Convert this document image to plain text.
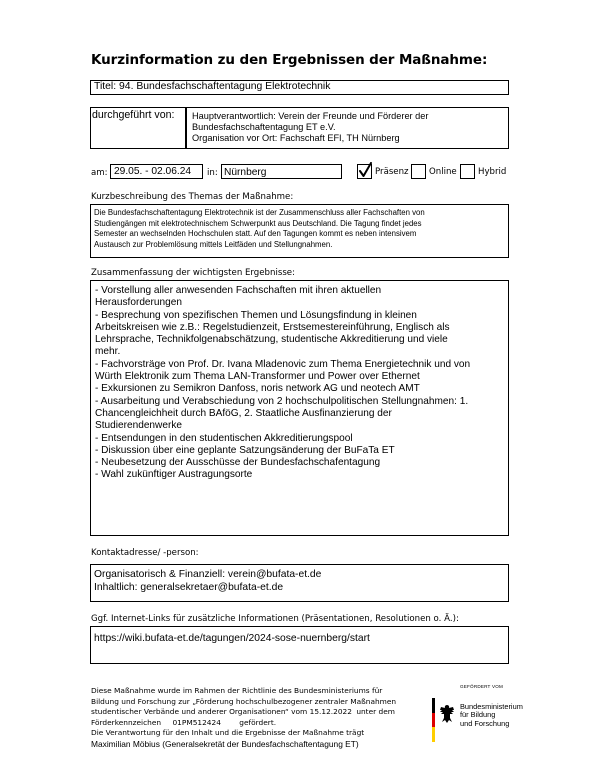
Kurzinformation zu den Ergebnissen der Maßnahme:
Titel: 94. Bundesfachschaftentagung Elektrotechnik
durchgeführt von: Hauptverantwortlich: Verein der Freunde und Förderer der
Bundesfachschaftentagung ET e.V.
Organisation vor Ort: Fachschaft EFI, TH Nürnberg
am: 29.05. - 02.06.24 in: Nürnberg	Präsenz Online Hybrid
Kurzbeschreibung des Themas der Maßnahme:
Die Bundesfachschaftentagung Elektrotechnik ist der Zusammenschluss aller Fachschaften von
Studiengängen mit elektrotechnischem Schwerpunkt aus Deutschland. Die Tagung findet jedes
Semester an wechselnden Hochschulen statt. Auf den Tagungen kommt es neben intensivem
Austausch zur Problemlösung mittels Leitfäden und Stellungnahmen.
Zusammenfassung der wichtigsten Ergebnisse:
- Vorstellung aller anwesenden Fachschaften mit ihren aktuellen
Herausforderungen
- Besprechung von spezifischen Themen und Lösungsfindung in kleinen
Arbeitskreisen wie z.B.: Regelstudienzeit, Erstsemestereinführung, Englisch als
Lehrsprache, Technikfolgenabschätzung, studentische Akkreditierung und viele
mehr.
- Fachvorsträge von Prof. Dr. Ivana Mladenovic zum Thema Energietechnik und von
Würth Elektronik zum Thema LAN-Transformer und Power over Ethernet
- Exkursionen zu Semikron Danfoss, noris network AG und neotech AMT
- Ausarbeitung und Verabschiedung von 2 hochschulpolitischen Stellungnahmen: 1.
Chancengleichheit durch BAföG, 2. Staatliche Ausfinanzierung der
Studierendenwerke
- Entsendungen in den studentischen Akkreditierungspool
- Diskussion über eine geplante Satzungsänderung der BuFaTa ET
- Neubesetzung der Ausschüsse der Bundesfachschafentagung
- Wahl zukünftiger Austragungsorte
Kontaktadresse/ -person:
Organisatorisch & Finanziell: verein@bufata-et.de
Inhaltlich: generalsekretaer@bufata-et.de
Ggf. Internet-Links für zusätzliche Informationen (Präsentationen, Resolutionen o. Ä.):
https://wiki.bufata-et.de/tagungen/2024-sose-nuernberg/start
Diese Maßnahme wurde im Rahmen der Richtlinie des Bundesministeriums für
Bildung und Forschung zur „Förderung hochschulbezogener zentraler Maßnahmen
studentischer Verbände und anderer Organisationen“ vom 15.12.2022 unter dem
Förderkennzeichen 01PM512424 gefördert.
Die Verantwortung für den Inhalt und die Ergebnisse der Maßnahme trägt
Maximilian Möbius (Generalsekretät der Bundesfachschaftentagung ET)
GEFÖRDERT VOM
Bundesministerium
für Bildung
und Forschung
